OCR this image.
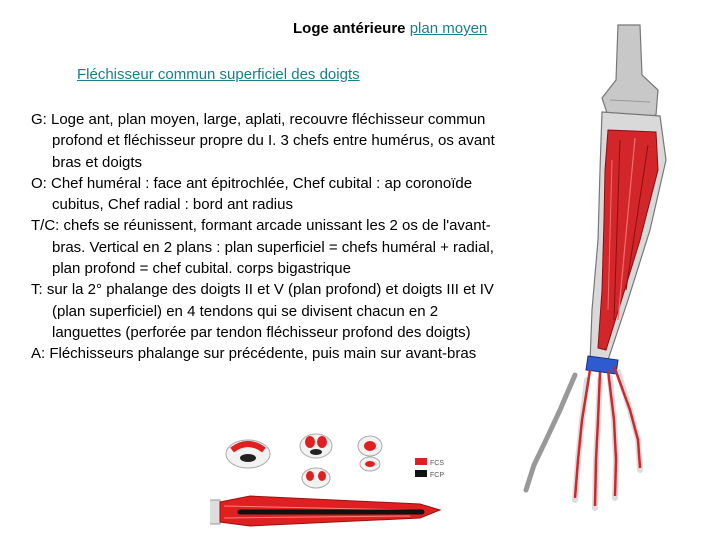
Loge antérieure plan moyen
Fléchisseur commun superficiel des doigts

G: Loge ant, plan moyen, large, aplati, recouvre fléchisseur commun profond et fléchisseur propre du I. 3 chefs entre humérus, os avant bras et doigts

O: Chef huméral : face ant épitrochlée, Chef cubital : ap coronoïde cubitus, Chef radial : bord ant radius

T/C: chefs se réunissent, formant arcade unissant les 2 os de l'avant-bras. Vertical en 2 plans : plan superficiel = chefs huméral + radial, plan profond = chef cubital. corps bigastrique

T: sur la 2° phalange des doigts II et V (plan profond) et doigts III et IV (plan superficiel) en 4 tendons qui se divisent chacun en 2 languettes (perforée par tendon fléchisseur profond des doigts)

A: Fléchisseurs phalange sur précédente, puis main sur avant-bras

FCS
FCP
